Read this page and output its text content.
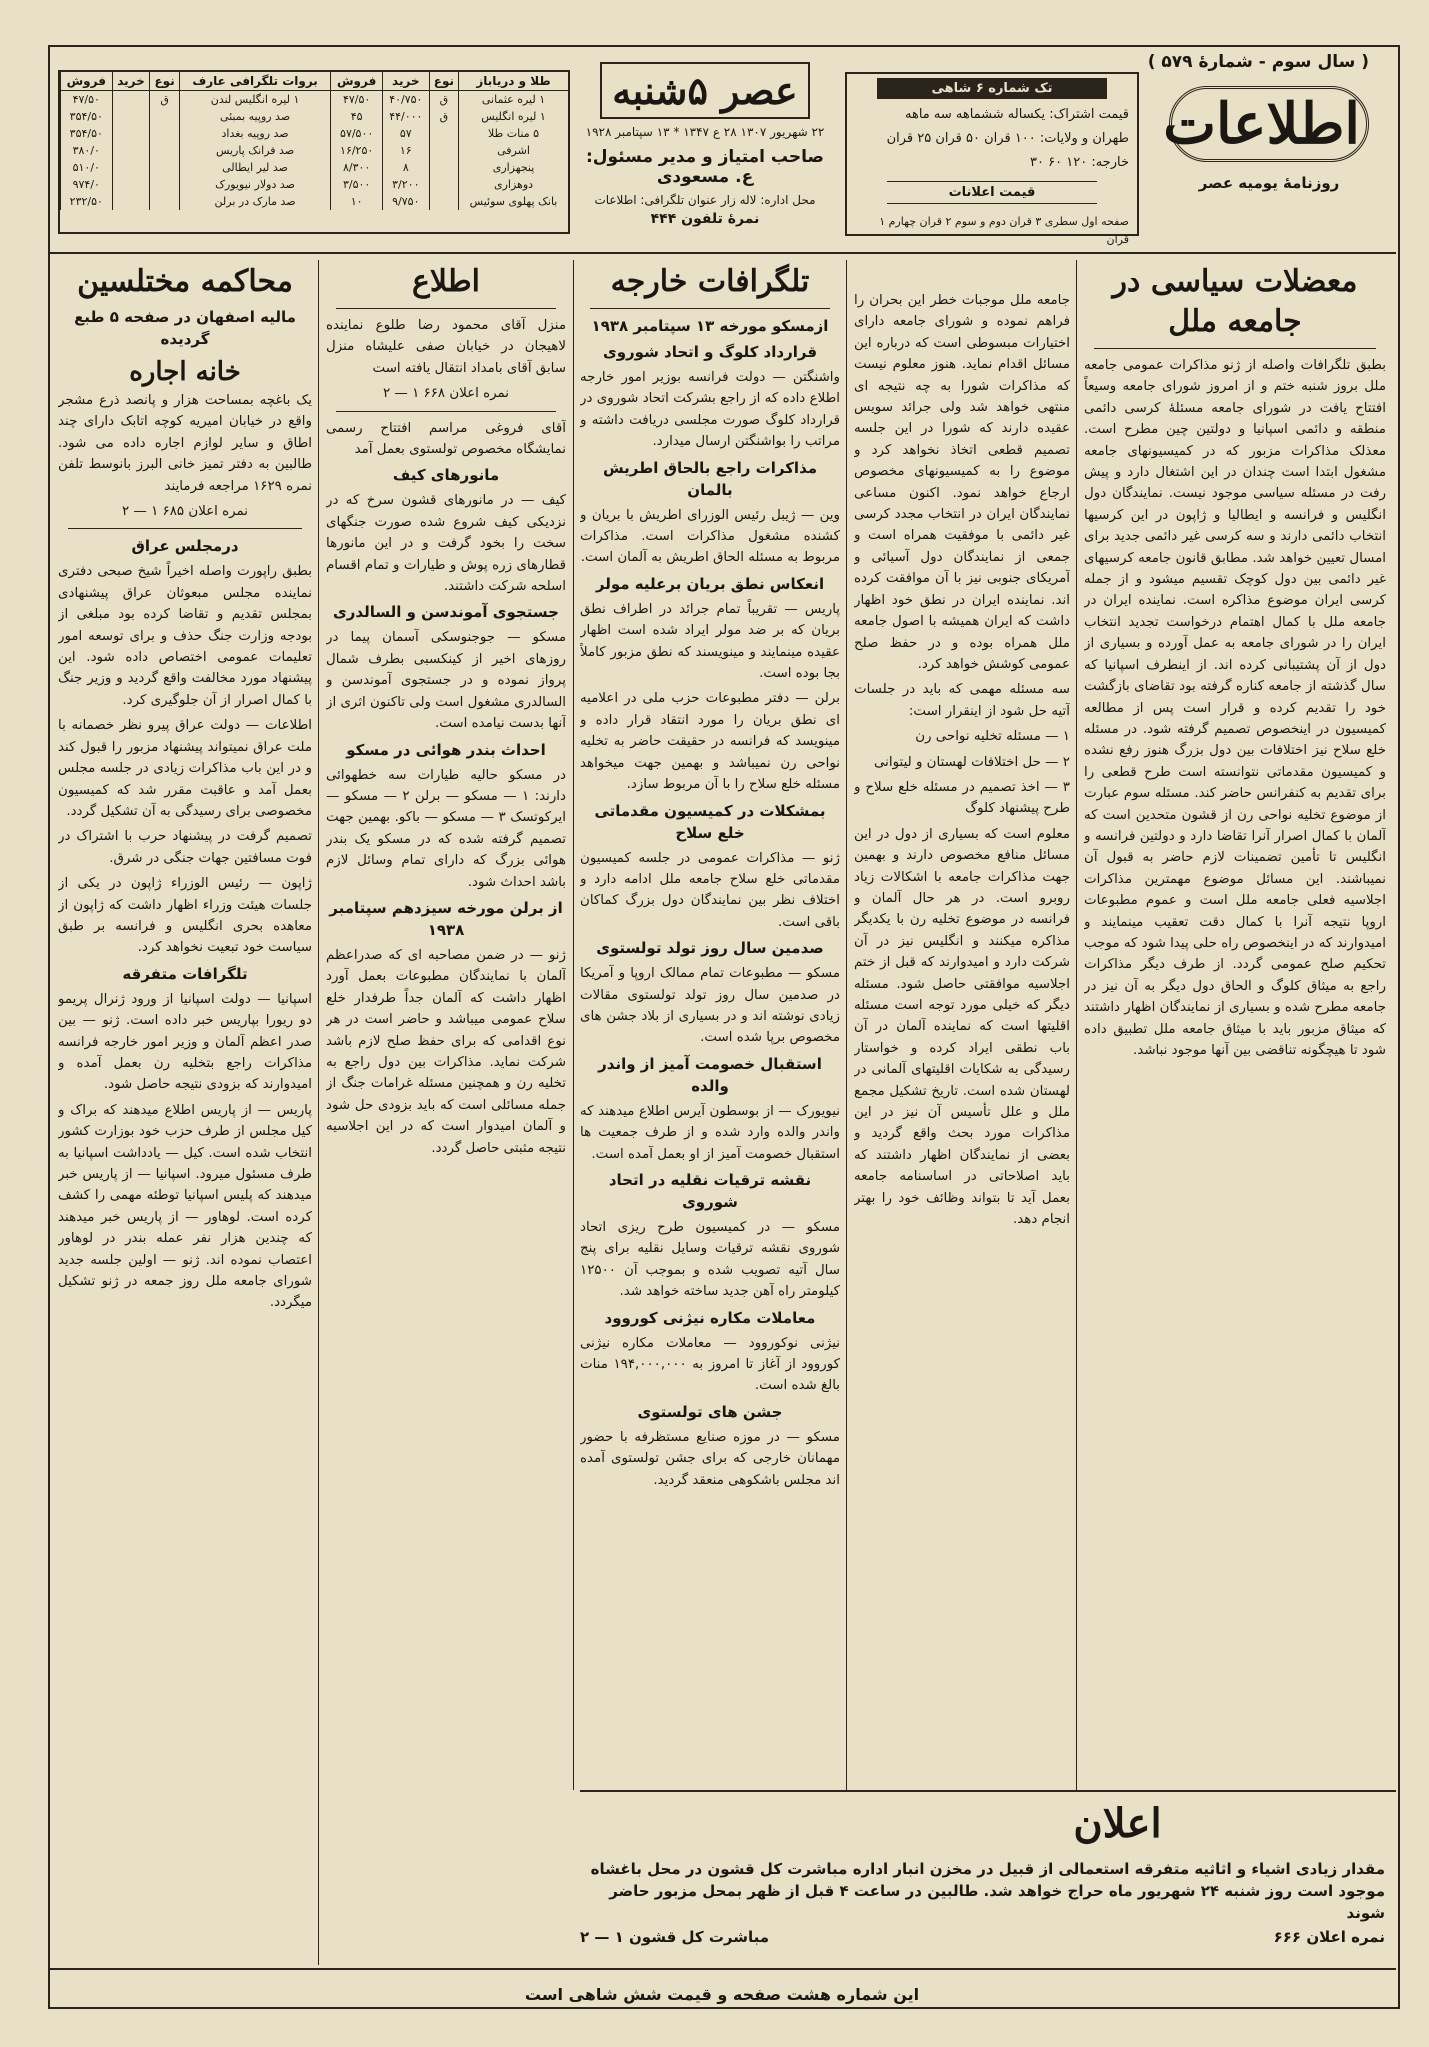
( سال سوم - شمارهٔ ۵۷۹ )
اطلاعات
روزنامهٔ یومیه عصر
تک شماره ۶ شاهی
قیمت اشتراک: یکساله ششماهه سه ماهه
طهران و ولایات: ۱۰۰ قران ۵۰ قران ۲۵ قران
خارجه: ۱۲۰ ۶۰ ۳۰
قیمت اعلانات
صفحه اول سطری ۳ قران دوم و سوم ۲ قران چهارم ۱ قران
عصر ۵شنبه
۲۲ شهریور ۱۳۰۷ ۲۸ ع ۱۳۴۷ * ۱۳ سپتامبر ۱۹۲۸
صاحب امتیاز و مدیر مسئول: ع. مسعودی
محل اداره: لاله زار عنوان تلگرافی: اطلاعات
نمرهٔ تلفون ۴۴۴
طلا و دریاباز	نوع	خرید	فروش	بروات تلگرافی عارف	نوع	خرید	فروش
۱ لیره عثمانی	ق	۴۰/۷۵۰	۴۷/۵۰	۱ لیره انگلیس لندن	ق		۴۷/۵۰
۱ لیره انگلیس	ق	۴۴/۰۰۰	۴۵	صد روپیه بمبئی			۳۵۴/۵۰
۵ منات طلا		۵۷	۵۷/۵۰۰	صد روپیه بغداد			۳۵۴/۵۰
اشرفی		۱۶	۱۶/۲۵۰	صد فرانک پاریس			۳۸۰/۰
پنجهزاری		۸	۸/۳۰۰	صد لیر ایطالی			۵۱۰/۰
دوهزاری		۳/۲۰۰	۳/۵۰۰	صد دولار نیویورک			۹۷۴/۰
بانک پهلوی سوئیس		۹/۷۵۰	۱۰	صد مارک در برلن			۲۳۲/۵۰
معضلات سیاسی در جامعه ملل

بطبق تلگرافات واصله از ژنو مذاکرات عمومی جامعه ملل بروز شنبه ختم و از امروز شورای جامعه وسیعاً افتتاح یافت در شورای جامعه مسئلهٔ کرسی دائمی منطقه و دائمی اسپانیا و دولتین چین مطرح است. معذلک مذاکرات مزبور که در کمیسیونهای جامعه مشغول ابتدا است چندان در این اشتغال دارد و پیش رفت در مسئله سیاسی موجود نیست. نمایندگان دول انگلیس و فرانسه و ایطالیا و ژاپون در این کرسیها انتخاب دائمی دارند و سه کرسی غیر دائمی جدید برای امسال تعیین خواهد شد. مطابق قانون جامعه کرسیهای غیر دائمی بین دول کوچک تقسیم میشود و از جمله کرسی ایران موضوع مذاکره است. نماینده ایران در جامعه ملل با کمال اهتمام درخواست تجدید انتخاب ایران را در شورای جامعه به عمل آورده و بسیاری از دول از آن پشتیبانی کرده اند. از اینطرف اسپانیا که سال گذشته از جامعه کناره گرفته بود تقاضای بازگشت خود را تقدیم کرده و قرار است پس از مطالعه کمیسیون در اینخصوص تصمیم گرفته شود. در مسئله خلع سلاح نیز اختلافات بین دول بزرگ هنوز رفع نشده و کمیسیون مقدماتی نتوانسته است طرح قطعی را برای تقدیم به کنفرانس حاضر کند. مسئله سوم عبارت از موضوع تخلیه نواحی رن از قشون متحدین است که آلمان با کمال اصرار آنرا تقاضا دارد و دولتین فرانسه و انگلیس تا تأمین تضمینات لازم حاضر به قبول آن نمیباشند. این مسائل موضوع مهمترین مذاکرات اجلاسیه فعلی جامعه ملل است و عموم مطبوعات اروپا نتیجه آنرا با کمال دقت تعقیب مینمایند و امیدوارند که در اینخصوص راه حلی پیدا شود که موجب تحکیم صلح عمومی گردد. از طرف دیگر مذاکرات راجع به میثاق کلوگ و الحاق دول دیگر به آن نیز در جامعه مطرح شده و بسیاری از نمایندگان اظهار داشتند که میثاق مزبور باید با میثاق جامعه ملل تطبیق داده شود تا هیچگونه تناقضی بین آنها موجود نباشد.

جامعه ملل موجبات خطر این بحران را فراهم نموده و شورای جامعه دارای اختیارات مبسوطی است که درباره این مسائل اقدام نماید. هنوز معلوم نیست که مذاکرات شورا به چه نتیجه ای منتهی خواهد شد ولی جرائد سویس عقیده دارند که شورا در این جلسه تصمیم قطعی اتخاذ نخواهد کرد و موضوع را به کمیسیونهای مخصوص ارجاع خواهد نمود. اکنون مساعی نمایندگان ایران در انتخاب مجدد کرسی غیر دائمی با موفقیت همراه است و جمعی از نمایندگان دول آسیائی و آمریکای جنوبی نیز با آن موافقت کرده اند. نماینده ایران در نطق خود اظهار داشت که ایران همیشه با اصول جامعه ملل همراه بوده و در حفظ صلح عمومی کوشش خواهد کرد.

سه مسئله مهمی که باید در جلسات آتیه حل شود از اینقرار است:

۱ — مسئله تخلیه نواحی رن

۲ — حل اختلافات لهستان و لیتوانی

۳ — اخذ تصمیم در مسئله خلع سلاح و طرح پیشنهاد کلوگ

معلوم است که بسیاری از دول در این مسائل منافع مخصوص دارند و بهمین جهت مذاکرات جامعه با اشکالات زیاد روبرو است. در هر حال آلمان و فرانسه در موضوع تخلیه رن با یکدیگر مذاکره میکنند و انگلیس نیز در آن شرکت دارد و امیدوارند که قبل از ختم اجلاسیه موافقتی حاصل شود. مسئله دیگر که خیلی مورد توجه است مسئله اقلیتها است که نماینده آلمان در آن باب نطقی ایراد کرده و خواستار رسیدگی به شکایات اقلیتهای آلمانی در لهستان شده است. تاریخ تشکیل مجمع ملل و علل تأسیس آن نیز در این مذاکرات مورد بحث واقع گردید و بعضی از نمایندگان اظهار داشتند که باید اصلاحاتی در اساسنامه جامعه بعمل آید تا بتواند وظائف خود را بهتر انجام دهد.

تلگرافات خارجه
ازمسکو مورخه ۱۳ سپتامبر ۱۹۳۸
قرارداد کلوگ و اتحاد شوروی

واشنگتن — دولت فرانسه بوزیر امور خارجه اطلاع داده که از راجع بشرکت اتحاد شوروی در قرارداد کلوگ صورت مجلسی دریافت داشته و مراتب را بواشنگتن ارسال میدارد.

مذاکرات راجع بالحاق اطریش بالمان

وین — ژیبل رئیس الوزرای اطریش با بریان و کشنده مشغول مذاکرات است. مذاکرات مربوط به مسئله الحاق اطریش به آلمان است.

انعکاس نطق بریان برعلیه مولر

پاریس — تقریباً تمام جرائد در اطراف نطق بریان که بر ضد مولر ایراد شده است اظهار عقیده مینمایند و مینویسند که نطق مزبور کاملاً بجا بوده است.

برلن — دفتر مطبوعات حزب ملی در اعلامیه ای نطق بریان را مورد انتقاد قرار داده و مینویسد که فرانسه در حقیقت حاضر به تخلیه نواحی رن نمیباشد و بهمین جهت میخواهد مسئله خلع سلاح را با آن مربوط سازد.

بمشکلات در کمیسیون مقدماتی خلع سلاح

ژنو — مذاکرات عمومی در جلسه کمیسیون مقدماتی خلع سلاح جامعه ملل ادامه دارد و اختلاف نظر بین نمایندگان دول بزرگ کماکان باقی است.

صدمین سال روز تولد تولستوی

مسکو — مطبوعات تمام ممالک اروپا و آمریکا در صدمین سال روز تولد تولستوی مقالات زیادی نوشته اند و در بسیاری از بلاد جشن های مخصوص برپا شده است.

استقبال خصومت آمیز از واندر والده

نیویورک — از بوسطون آیرس اطلاع میدهند که واندر والده وارد شده و از طرف جمعیت ها استقبال خصومت آمیز از او بعمل آمده است.

نقشه ترقیات نقلیه در اتحاد شوروی

مسکو — در کمیسیون طرح ریزی اتحاد شوروی نقشه ترقیات وسایل نقلیه برای پنج سال آتیه تصویب شده و بموجب آن ۱۲۵۰۰ کیلومتر راه آهن جدید ساخته خواهد شد.

معاملات مکاره نیژنی کوروود

نیژنی نوکوروود — معاملات مکاره نیژنی کوروود از آغاز تا امروز به ۱۹۴,۰۰۰,۰۰۰ منات بالغ شده است.

جشن های تولستوی

مسکو — در موزه صنایع مستظرفه با حضور مهمانان خارجی که برای جشن تولستوی آمده اند مجلس باشکوهی منعقد گردید.

اطلاع

منزل آقای محمود رضا طلوع نماینده لاهیجان در خیابان صفی علیشاه منزل سابق آقای بامداد انتقال یافته است

نمره اعلان ۶۶۸ ۱ — ۲

آقای فروغی مراسم افتتاح رسمی نمایشگاه مخصوص تولستوی بعمل آمد

مانورهای کیف

کیف — در مانورهای قشون سرخ که در نزدیکی کیف شروع شده صورت جنگهای سخت را بخود گرفت و در این مانورها قطارهای زره پوش و طیارات و تمام اقسام اسلحه شرکت داشتند.

جستجوی آموندسن و السالدری

مسکو — جوجنوسکی آسمان پیما در روزهای اخیر از کینکسبی بطرف شمال پرواز نموده و در جستجوی آموندسن و السالدری مشغول است ولی تاکنون اثری از آنها بدست نیامده است.

احداث بندر هوائی در مسکو

در مسکو حالیه طیارات سه خطهوائی دارند: ۱ — مسکو — برلن ۲ — مسکو — ایرکوتسک ۳ — مسکو — باکو. بهمین جهت تصمیم گرفته شده که در مسکو یک بندر هوائی بزرگ که دارای تمام وسائل لازم باشد احداث شود.

از برلن مورخه سیزدهم سپتامبر ۱۹۳۸

ژنو — در ضمن مصاحبه ای که صدراعظم آلمان با نمایندگان مطبوعات بعمل آورد اظهار داشت که آلمان جداً طرفدار خلع سلاح عمومی میباشد و حاضر است در هر نوع اقدامی که برای حفظ صلح لازم باشد شرکت نماید. مذاکرات بین دول راجع به تخلیه رن و همچنین مسئله غرامات جنگ از جمله مسائلی است که باید بزودی حل شود و آلمان امیدوار است که در این اجلاسیه نتیجه مثبتی حاصل گردد.

محاکمه مختلسین
مالیه اصفهان در صفحه ۵ طبع گردیده
خانه اجاره

یک باغچه بمساحت هزار و پانصد ذرع مشجر واقع در خیابان امیریه کوچه اتابک دارای چند اطاق و سایر لوازم اجاره داده می شود. طالبین به دفتر تمیز خانی البرز بانوسط تلفن نمره ۱۶۲۹ مراجعه فرمایند

نمره اعلان ۶۸۵ ۱ — ۲

درمجلس عراق

بطبق راپورت واصله اخیراً شیخ صبحی دفتری نماینده مجلس مبعوثان عراق پیشنهادی بمجلس تقدیم و تقاضا کرده بود مبلغی از بودجه وزارت جنگ حذف و برای توسعه امور تعلیمات عمومی اختصاص داده شود. این پیشنهاد مورد مخالفت واقع گردید و وزیر جنگ با کمال اصرار از آن جلوگیری کرد.

اطلاعات — دولت عراق پیرو نظر خصمانه با ملت عراق نمیتواند پیشنهاد مزبور را قبول کند و در این باب مذاکرات زیادی در جلسه مجلس بعمل آمد و عاقبت مقرر شد که کمیسیون مخصوصی برای رسیدگی به آن تشکیل گردد.

تصمیم گرفت در پیشنهاد حرب با اشتراک در فوت مسافتین جهات جنگی در شرق.

ژاپون — رئیس الوزراء ژاپون در یکی از جلسات هیئت وزراء اظهار داشت که ژاپون از معاهده بحری انگلیس و فرانسه بر طبق سیاست خود تبعیت نخواهد کرد.

تلگرافات متفرقه

اسپانیا — دولت اسپانیا از ورود ژنرال پریمو دو ریورا بپاریس خبر داده است. ژنو — بین صدر اعظم آلمان و وزیر امور خارجه فرانسه مذاکرات راجع بتخلیه رن بعمل آمده و امیدوارند که بزودی نتیجه حاصل شود.

پاریس — از پاریس اطلاع میدهند که براک و کیل مجلس از طرف حزب خود بوزارت کشور انتخاب شده است. کیل — یادداشت اسپانیا به طرف مسئول میرود. اسپانیا — از پاریس خبر میدهند که پلیس اسپانیا توطئه مهمی را کشف کرده است. لوهاور — از پاریس خبر میدهند که چندین هزار نفر عمله بندر در لوهاور اعتصاب نموده اند. ژنو — اولین جلسه جدید شورای جامعه ملل روز جمعه در ژنو تشکیل میگردد.

اعلان
مقدار زیادی اشیاء و اثاثیه متفرقه استعمالی از قبیل در مخزن انبار اداره مباشرت کل قشون در محل باغشاه موجود است روز شنبه ۲۴ شهریور ماه حراج خواهد شد. طالبین در ساعت ۴ قبل از ظهر بمحل مزبور حاضر شوند
نمره اعلان ۶۶۶
مباشرت کل قشون ۱ — ۲
این شماره هشت صفحه و قیمت شش شاهی است
